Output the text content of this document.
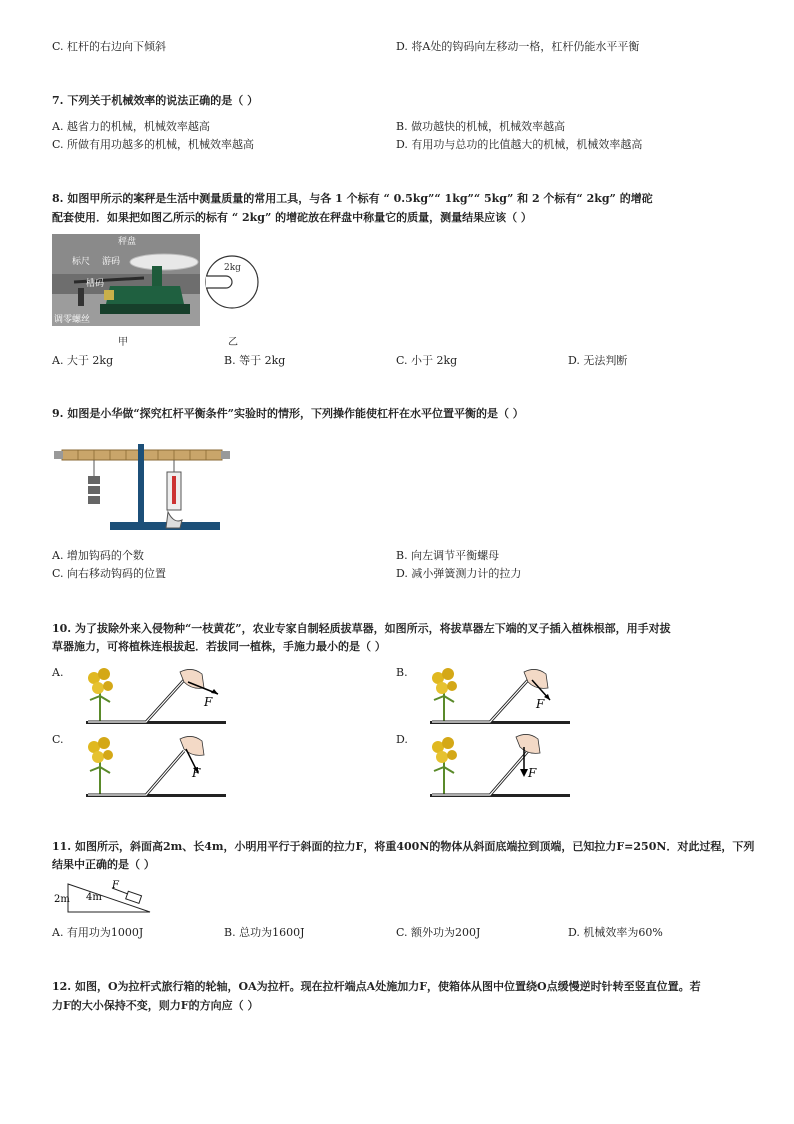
C. 杠杆的右边向下倾斜	D. 将A处的钩码向左移动一格，杠杆仍能水平平衡
7. 下列关于机械效率的说法正确的是（ ）
A. 越省力的机械，机械效率越高	B. 做功越快的机械，机械效率越高
C. 所做有用功越多的机械，机械效率越高	D. 有用功与总功的比值越大的机械，机械效率越高
8. 如图甲所示的案秤是生活中测量质量的常用工具，与各 1 个标有 “ 0.5kg”“ 1kg”“ 5kg” 和 2 个标有“ 2kg” 的增砣
配套使用．如果把如图乙所示的标有 “ 2kg” 的增砣放在秤盘中称量它的质量，测量结果应该（ ）
秤盘
标尺 游码
槽码
调零螺丝
甲
2kg
乙
A. 大于 2kg	B. 等于 2kg	C. 小于 2kg	D. 无法判断
9. 如图是小华做“探究杠杆平衡条件”实验时的情形，下列操作能使杠杆在水平位置平衡的是（ ）
A. 增加钩码的个数	B. 向左调节平衡螺母
C. 向右移动钩码的位置	D. 减小弹簧测力计的拉力
10. 为了拔除外来入侵物种“一枝黄花”，农业专家自制轻质拔草器，如图所示，将拔草器左下端的叉子插入植株根部，用手对拔
草器施力，可将植株连根拔起．若拔同一植株，手施力最小的是（ ）
A.	B.
C.	D.
F	F
F	F
11. 如图所示，斜面高2m、长4m，小明用平行于斜面的拉力F，将重400N的物体从斜面底端拉到顶端，已知拉力F=250N．对此过程，下列
结果中正确的是（ ）
2m 4m
F
A. 有用功为1000J	B. 总功为1600J	C. 额外功为200J	D. 机械效率为60%
12. 如图，O为拉杆式旅行箱的轮轴，OA为拉杆。现在拉杆端点A处施加力F，使箱体从图中位置绕O点缓慢逆时针转至竖直位置。若
力F的大小保持不变，则力F的方向应（ ）
